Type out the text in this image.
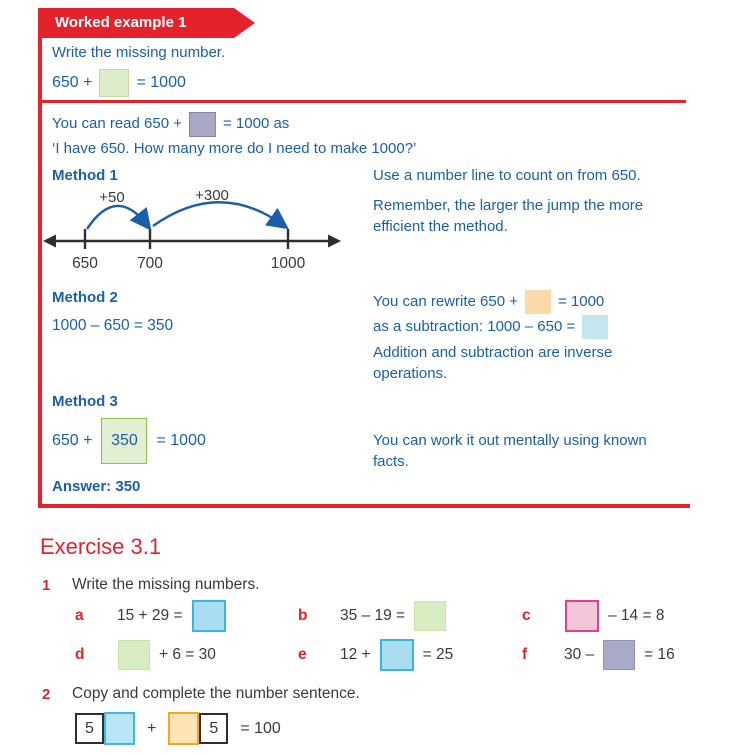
Worked example 1
Write the missing number.
650 +	= 1000
You can read 650 +	= 1000 as
‘I have 650. How many more do I need to make 1000?’
Method 1	Use a number line to count on from 650.
Remember, the larger the jump the more efficient the method.
+50	+300
650	700	1000
Method 2
1000 – 650 = 350
You can rewrite 650 +	= 1000
as a subtraction: 1000 – 650 =
Addition and subtraction are inverse operations.
Method 3
650 + 350 = 1000	You can work it out mentally using known facts.
Answer: 350
Exercise 3.1
1 Write the missing numbers.
a	15 + 29 =	b	35 – 19 =	c	– 14 = 8
d	+ 6 = 30	e	12 +	= 25	f	30 –	= 16
2 Copy and complete the number sentence.
5	+	5 = 100
